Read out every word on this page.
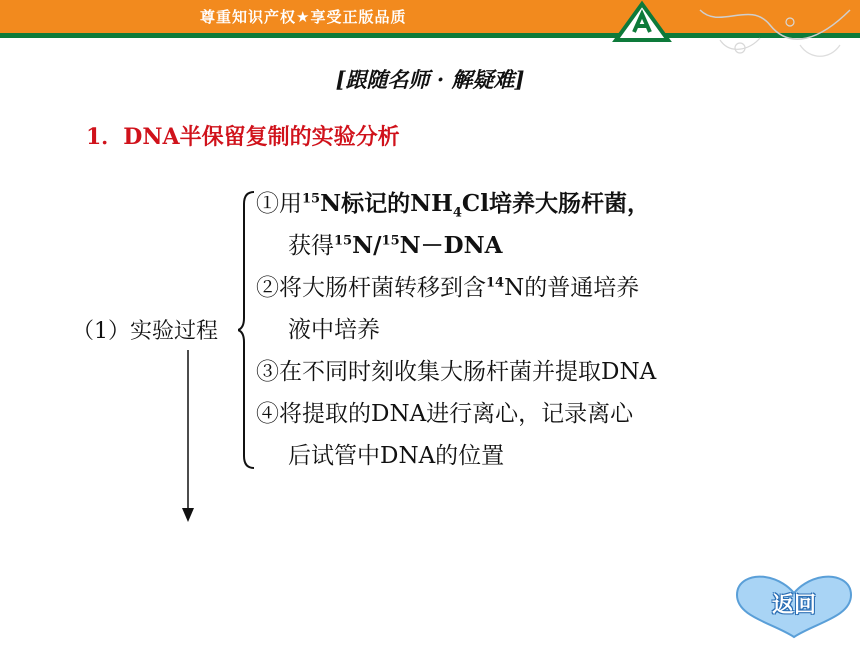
尊重知识产权★享受正版品质
[跟随名师 · 解疑难]
1．DNA半保留复制的实验分析
（1）实验过程
①用$^{15}$N标记的$NH_4Cl$培养大肠杆菌，
获得$^{15}$N/$^{15}$N－DNA
②将大肠杆菌转移到含$^{14}$N的普通培养
液中培养
③在不同时刻收集大肠杆菌并提取DNA
④将提取的DNA进行离心，记录离心
后试管中DNA的位置
返回
